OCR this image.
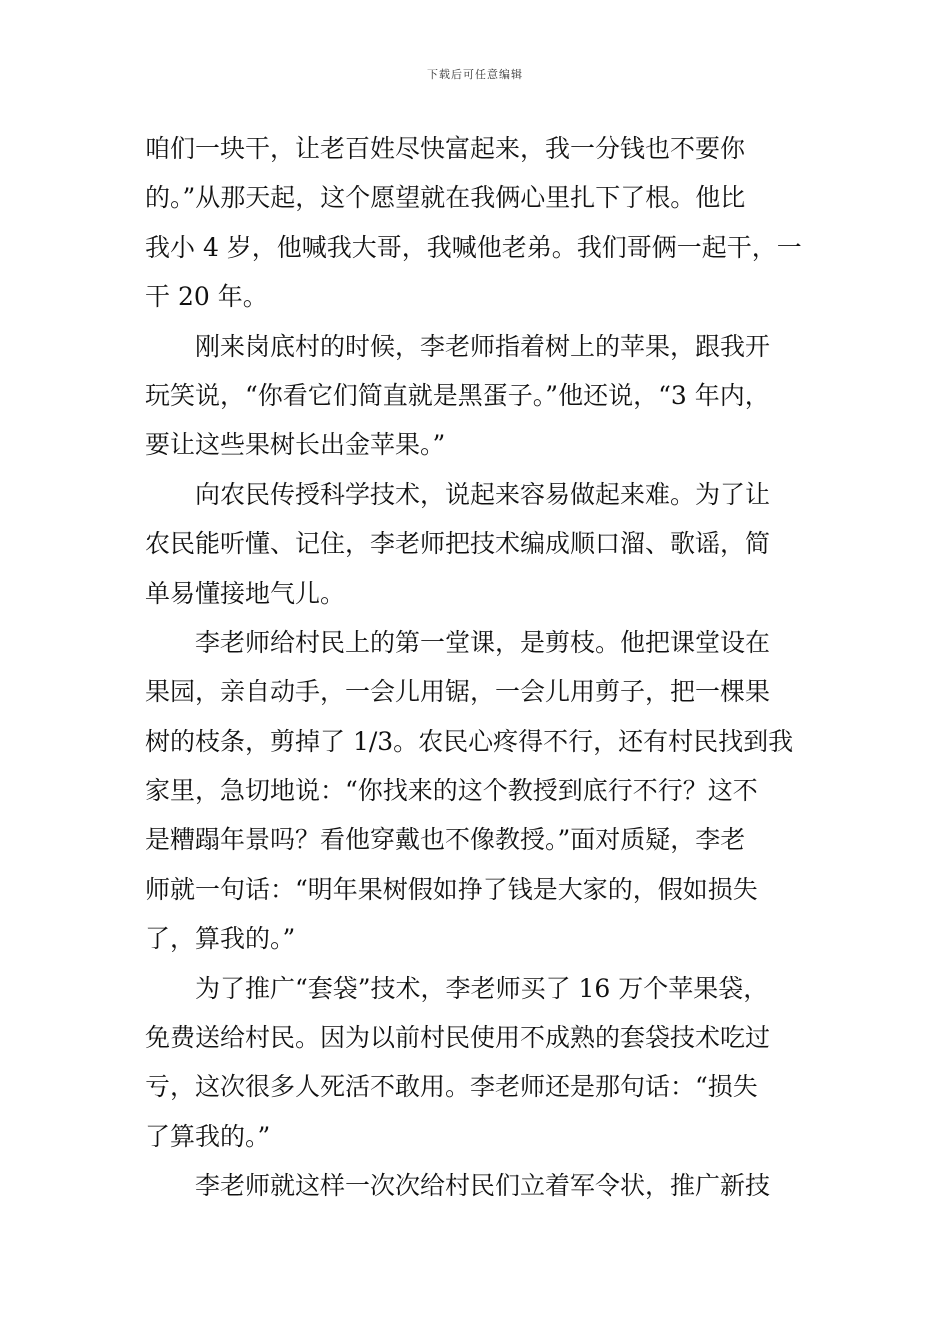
下载后可任意编辑
咱们一块干，让老百姓尽快富起来，我一分钱也不要你
的。”从那天起，这个愿望就在我俩心里扎下了根。他比
我小 4 岁，他喊我大哥，我喊他老弟。我们哥俩一起干，一
干 20 年。
刚来岗底村的时候，李老师指着树上的苹果，跟我开
玩笑说，“你看它们简直就是黑蛋子。”他还说，“3 年内，
要让这些果树长出金苹果。”
向农民传授科学技术，说起来容易做起来难。为了让
农民能听懂、记住，李老师把技术编成顺口溜、歌谣，简
单易懂接地气儿。
李老师给村民上的第一堂课，是剪枝。他把课堂设在
果园，亲自动手，一会儿用锯，一会儿用剪子，把一棵果
树的枝条，剪掉了 1/3。农民心疼得不行，还有村民找到我
家里，急切地说：“你找来的这个教授到底行不行？这不
是糟蹋年景吗？看他穿戴也不像教授。”面对质疑，李老
师就一句话：“明年果树假如挣了钱是大家的，假如损失
了，算我的。”
为了推广“套袋”技术，李老师买了 16 万个苹果袋，
免费送给村民。因为以前村民使用不成熟的套袋技术吃过
亏，这次很多人死活不敢用。李老师还是那句话：“损失
了算我的。”
李老师就这样一次次给村民们立着军令状，推广新技
